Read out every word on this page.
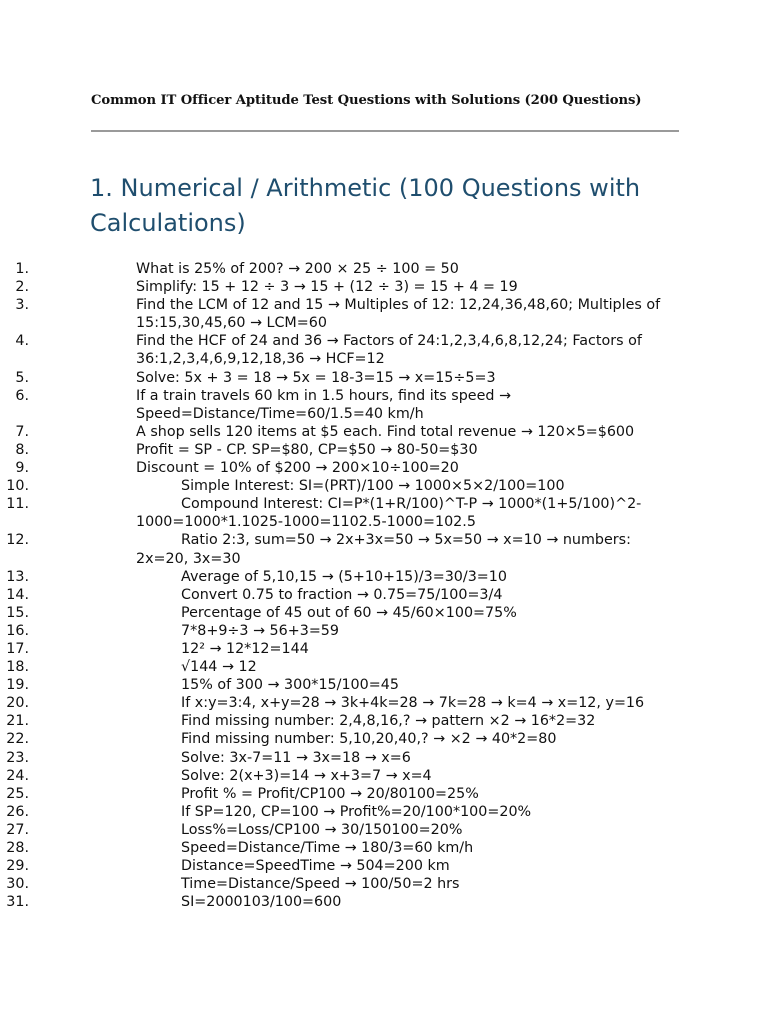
Common IT Officer Aptitude Test Questions with Solutions (200 Questions)
1. Numerical / Arithmetic (100 Questions with Calculations)
1.	What is 25% of 200? → 200 × 25 ÷ 100 = 50
2.	Simplify: 15 + 12 ÷ 3 → 15 + (12 ÷ 3) = 15 + 4 = 19
3.	Find the LCM of 12 and 15 → Multiples of 12: 12,24,36,48,60; Multiples of 15:15,30,45,60 → LCM=60
4.	Find the HCF of 24 and 36 → Factors of 24:1,2,3,4,6,8,12,24; Factors of 36:1,2,3,4,6,9,12,18,36 → HCF=12
5.	Solve: 5x + 3 = 18 → 5x = 18-3=15 → x=15÷5=3
6.	If a train travels 60 km in 1.5 hours, find its speed → Speed=Distance/Time=60/1.5=40 km/h
7.	A shop sells 120 items at $5 each. Find total revenue → 120×5=$600
8.	Profit = SP - CP. SP=$80, CP=$50 → 80-50=$30
9.	Discount = 10% of $200 → 200×10÷100=20
10.	Simple Interest: SI=(PRT)/100 → 1000×5×2/100=100
11.	Compound Interest: CI=P*(1+R/100)^T-P → 1000*(1+5/100)^2-1000=1000*1.1025-1000=1102.5-1000=102.5
12.	Ratio 2:3, sum=50 → 2x+3x=50 → 5x=50 → x=10 → numbers: 2x=20, 3x=30
13.	Average of 5,10,15 → (5+10+15)/3=30/3=10
14.	Convert 0.75 to fraction → 0.75=75/100=3/4
15.	Percentage of 45 out of 60 → 45/60×100=75%
16.	7*8+9÷3 → 56+3=59
17.	12² → 12*12=144
18.	√144 → 12
19.	15% of 300 → 300*15/100=45
20.	If x:y=3:4, x+y=28 → 3k+4k=28 → 7k=28 → k=4 → x=12, y=16
21.	Find missing number: 2,4,8,16,? → pattern ×2 → 16*2=32
22.	Find missing number: 5,10,20,40,? → ×2 → 40*2=80
23.	Solve: 3x-7=11 → 3x=18 → x=6
24.	Solve: 2(x+3)=14 → x+3=7 → x=4
25.	Profit % = Profit/CP100 → 20/80100=25%
26.	If SP=120, CP=100 → Profit%=20/100*100=20%
27.	Loss%=Loss/CP100 → 30/150100=20%
28.	Speed=Distance/Time → 180/3=60 km/h
29.	Distance=SpeedTime → 504=200 km
30.	Time=Distance/Speed → 100/50=2 hrs
31.	SI=2000103/100=600
